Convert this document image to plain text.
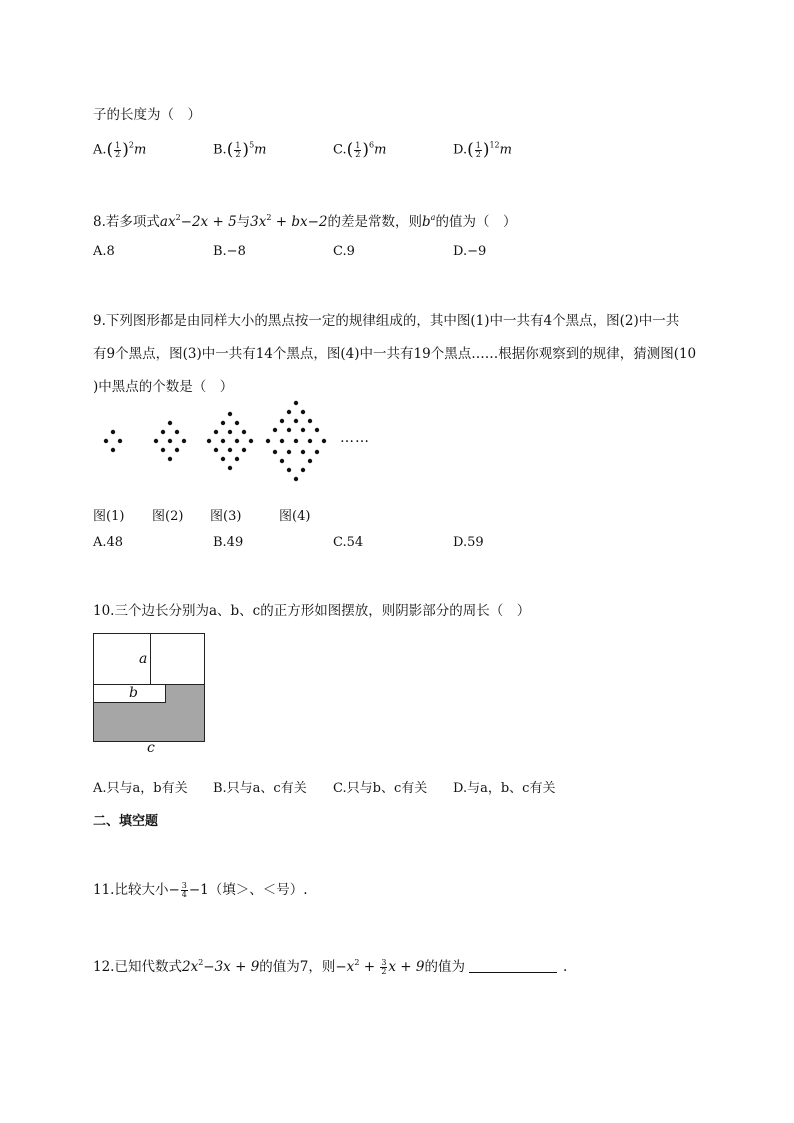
子的长度为（　）
$A.( \frac{1}{2} )^2m$	$B.( \frac{1}{2} )^5m$	$C.( \frac{1}{2} )^6m$	$D.( \frac{1}{2} )^{12}m$
8.若多项式$ax^2-2x + 5$与$3x^2 + bx-2$的差是常数，则$b^a$的值为（　）
A.8	B.−8	C.9	D.−9
9.下列图形都是由同样大小的黑点按一定的规律组成的，其中图(1)中一共有4个黑点，图(2)中一共
有9个黑点，图(3)中一共有14个黑点，图(4)中一共有19个黑点……根据你观察到的规律，猜测图(10
)中黑点的个数是（　）
……
图(1) 图(2) 图(3)	图(4)
A.48	B.49	C.54	D.59
10.三个边长分别为a、b、c的正方形如图摆放，则阴影部分的周长（　）
a
b
c
A.只与a，b有关 B.只与a、c有关 C.只与b、c有关 D.与a，b、c有关
二、填空题
11.比较大小− $\frac{3}{4} -1$（填＞、＜号）.
12.已知代数式$2x^2-3x + 9$的值为7，则$-x^2 + \frac{3}{2}$ x + 9的值为	.
